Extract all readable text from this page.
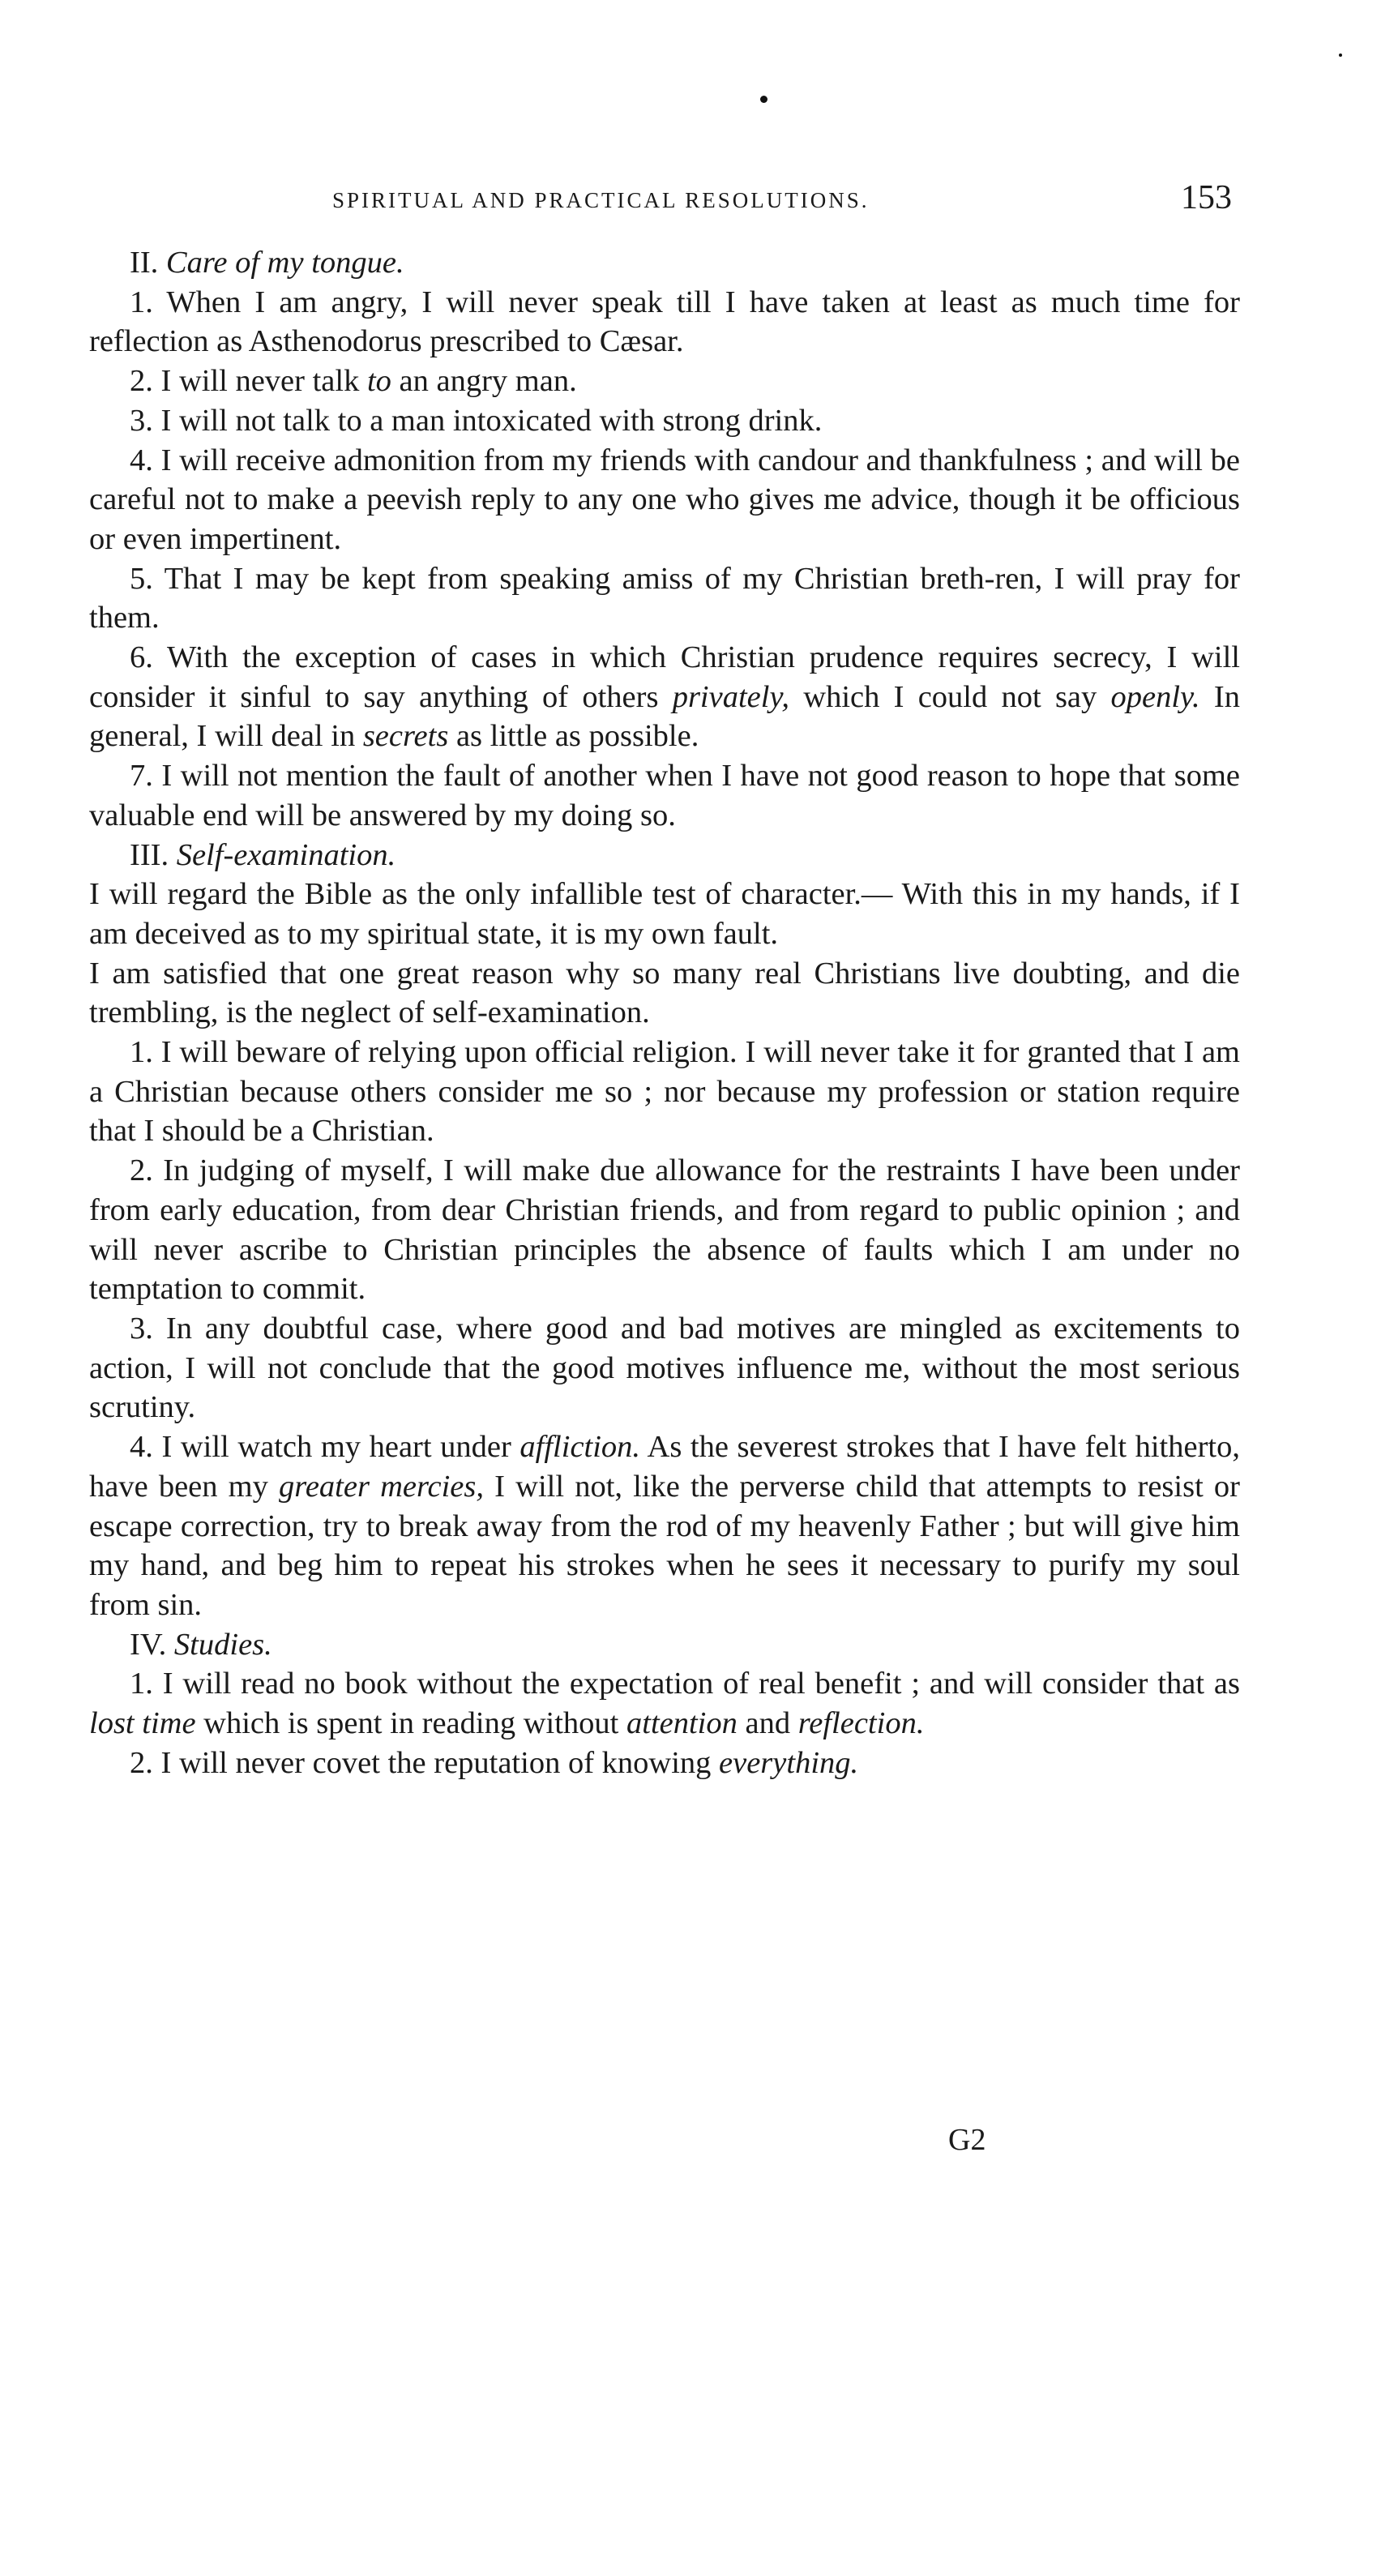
SPIRITUAL AND PRACTICAL RESOLUTIONS.	153

II. Care of my tongue.

1. When I am angry, I will never speak till I have taken at least as much time for reflection as Asthenodorus prescribed to Cæsar.

2. I will never talk to an angry man.

3. I will not talk to a man intoxicated with strong drink.

4. I will receive admonition from my friends with candour and thankfulness ; and will be careful not to make a peevish reply to any one who gives me advice, though it be officious or even impertinent.

5. That I may be kept from speaking amiss of my Christian breth-ren, I will pray for them.

6. With the exception of cases in which Christian prudence requires secrecy, I will consider it sinful to say anything of others privately, which I could not say openly. In general, I will deal in secrets as little as possible.

7. I will not mention the fault of another when I have not good reason to hope that some valuable end will be answered by my doing so.

III. Self-examination.

I will regard the Bible as the only infallible test of character.— With this in my hands, if I am deceived as to my spiritual state, it is my own fault.

I am satisfied that one great reason why so many real Christians live doubting, and die trembling, is the neglect of self-examination.

1. I will beware of relying upon official religion. I will never take it for granted that I am a Christian because others consider me so ; nor because my profession or station require that I should be a Christian.

2. In judging of myself, I will make due allowance for the restraints I have been under from early education, from dear Christian friends, and from regard to public opinion ; and will never ascribe to Christian principles the absence of faults which I am under no temptation to commit.

3. In any doubtful case, where good and bad motives are mingled as excitements to action, I will not conclude that the good motives influence me, without the most serious scrutiny.

4. I will watch my heart under affliction. As the severest strokes that I have felt hitherto, have been my greater mercies, I will not, like the perverse child that attempts to resist or escape correction, try to break away from the rod of my heavenly Father ; but will give him my hand, and beg him to repeat his strokes when he sees it necessary to purify my soul from sin.

IV. Studies.

1. I will read no book without the expectation of real benefit ; and will consider that as lost time which is spent in reading without attention and reflection.

2. I will never covet the reputation of knowing everything.

G2
